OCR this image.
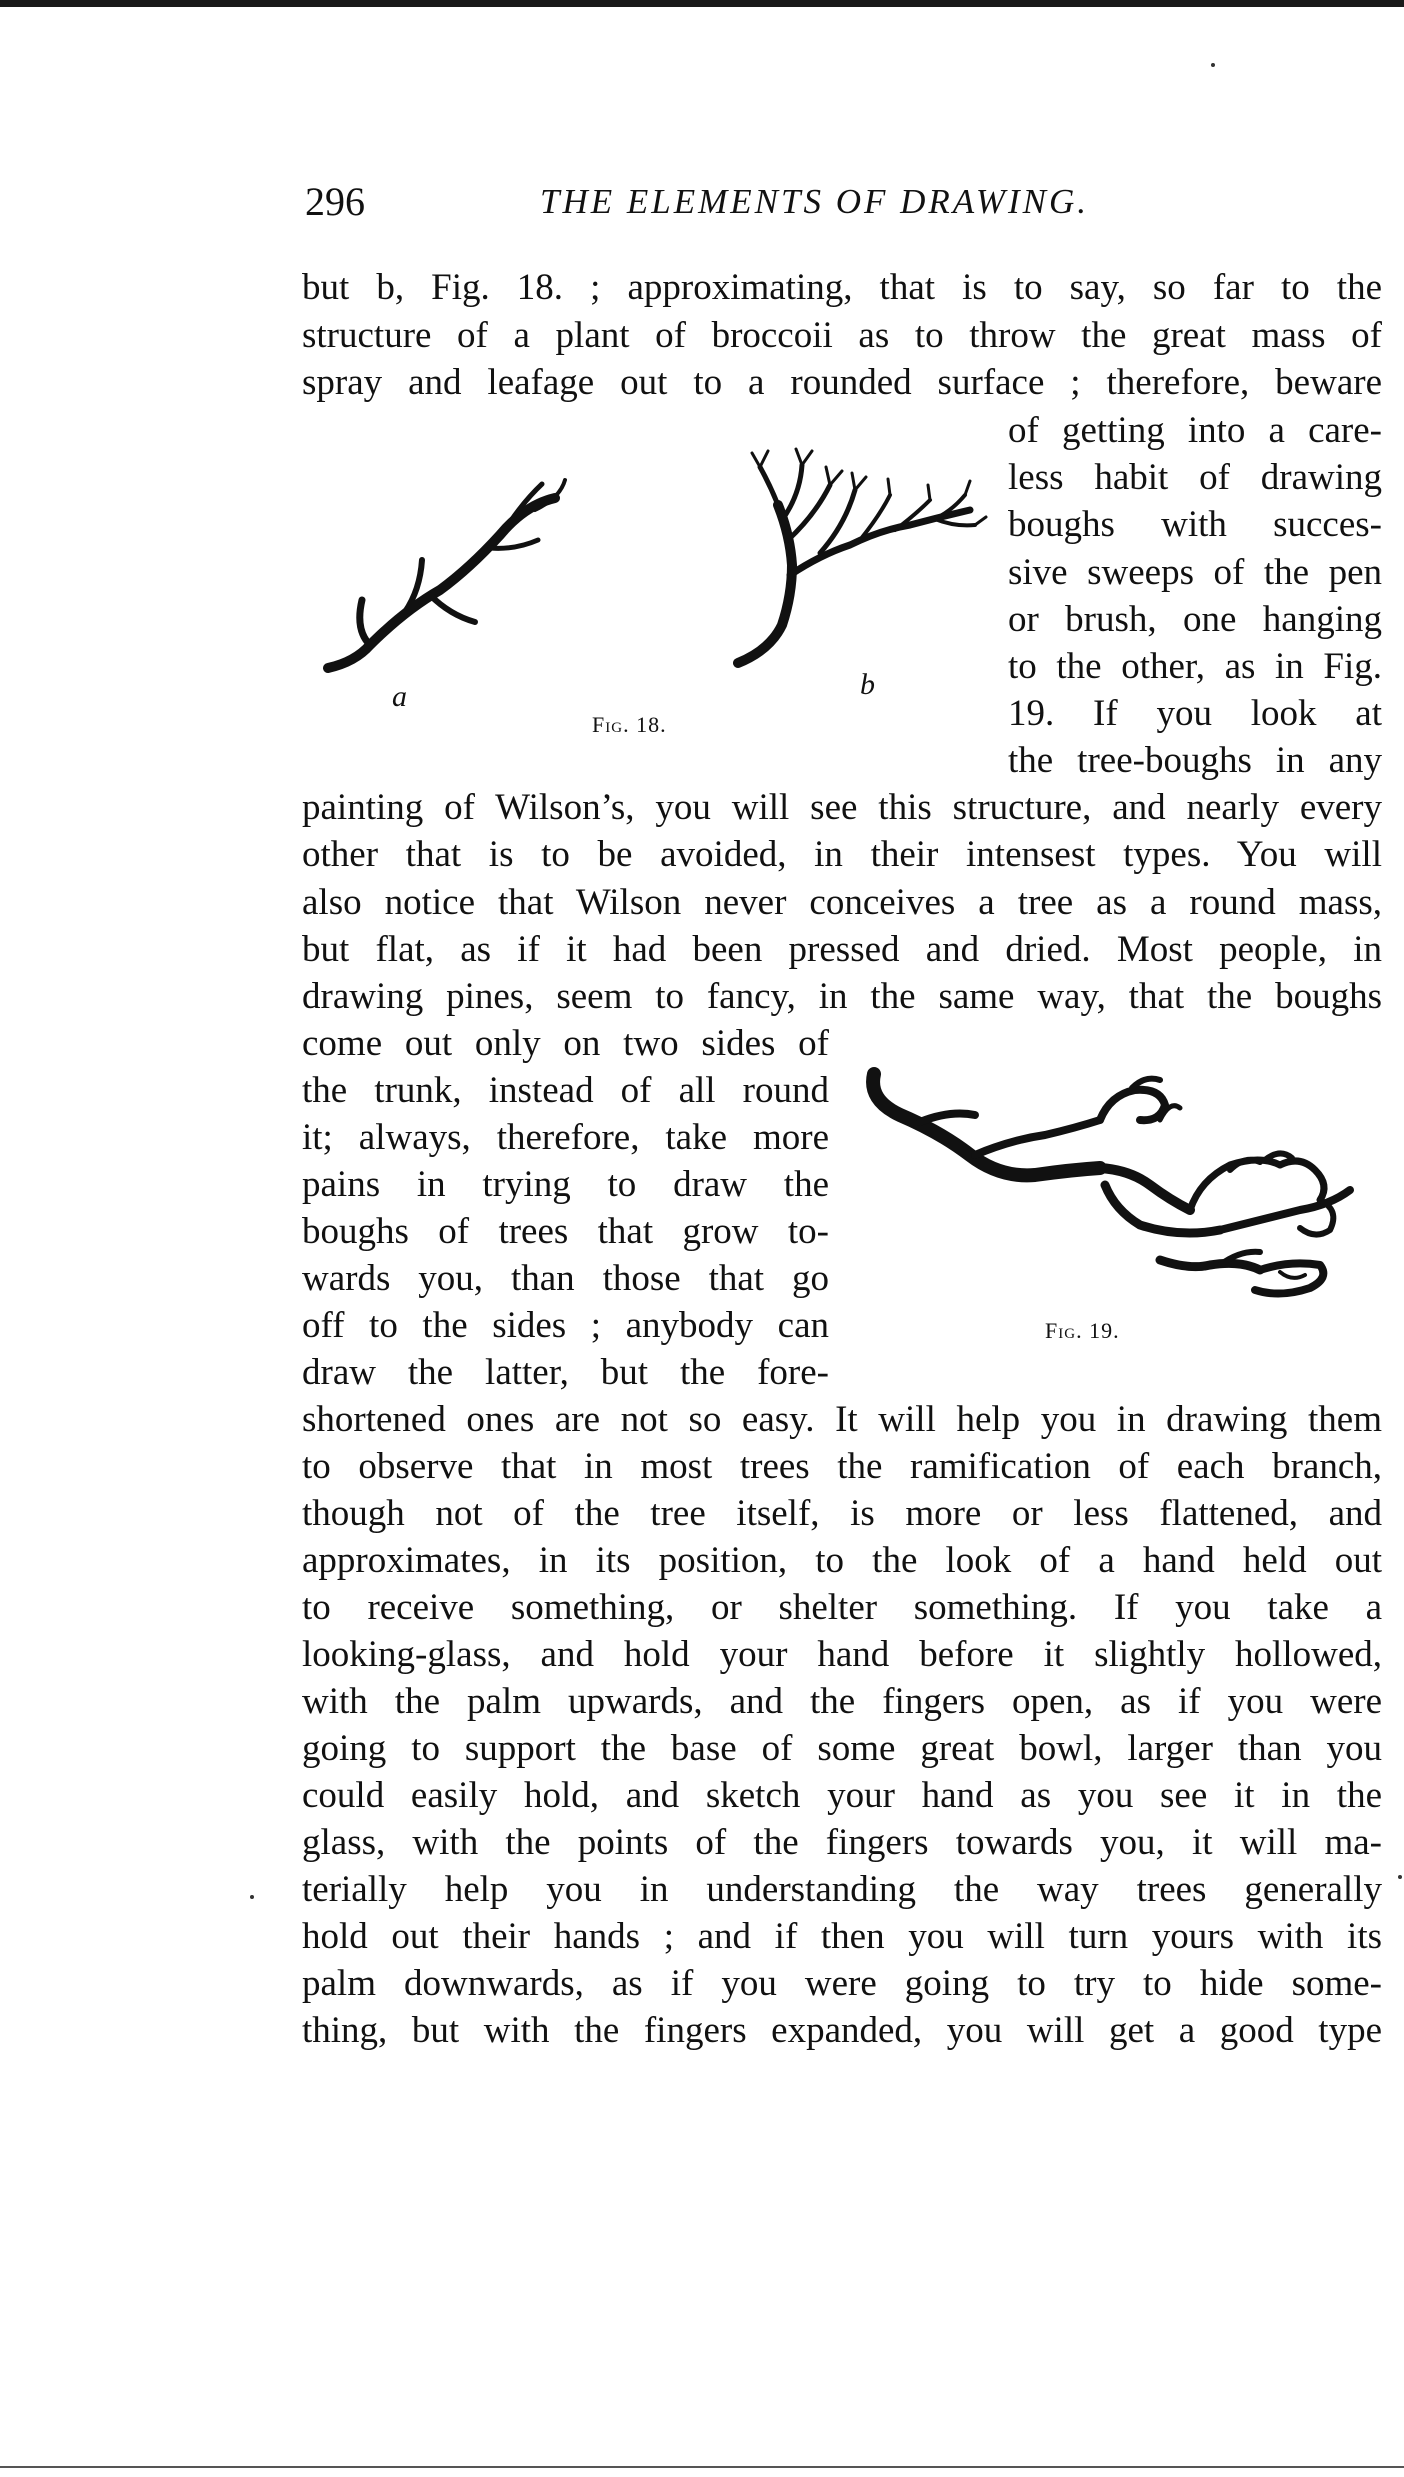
296	THE ELEMENTS OF DRAWING.
but b, Fig. 18. ; approximating, that is to say, so far to the
structure of a plant of broccoii as to throw the great mass of
spray and leafage out to a rounded surface ; therefore, beware
of getting into a care-
less habit of drawing
boughs with succes-
sive sweeps of the pen
or brush, one hanging
to the other, as in Fig.
19. If you look at
the tree-boughs in any
a	b
Fig. 18.
painting of Wilson’s, you will see this structure, and nearly every
other that is to be avoided, in their intensest types. You will
also notice that Wilson never conceives a tree as a round mass,
but flat, as if it had been pressed and dried. Most people, in
drawing pines, seem to fancy, in the same way, that the boughs
come out only on two sides of
the trunk, instead of all round
it; always, therefore, take more
pains in trying to draw the
boughs of trees that grow to-
wards you, than those that go
off to the sides ; anybody can
draw the latter, but the fore-
Fig. 19.
shortened ones are not so easy. It will help you in drawing them
to observe that in most trees the ramification of each branch,
though not of the tree itself, is more or less flattened, and
approximates, in its position, to the look of a hand held out
to receive something, or shelter something. If you take a
looking-glass, and hold your hand before it slightly hollowed,
with the palm upwards, and the fingers open, as if you were
going to support the base of some great bowl, larger than you
could easily hold, and sketch your hand as you see it in the
glass, with the points of the fingers towards you, it will ma-
terially help you in understanding the way trees generally
hold out their hands ; and if then you will turn yours with its
palm downwards, as if you were going to try to hide some-
thing, but with the fingers expanded, you will get a good type
